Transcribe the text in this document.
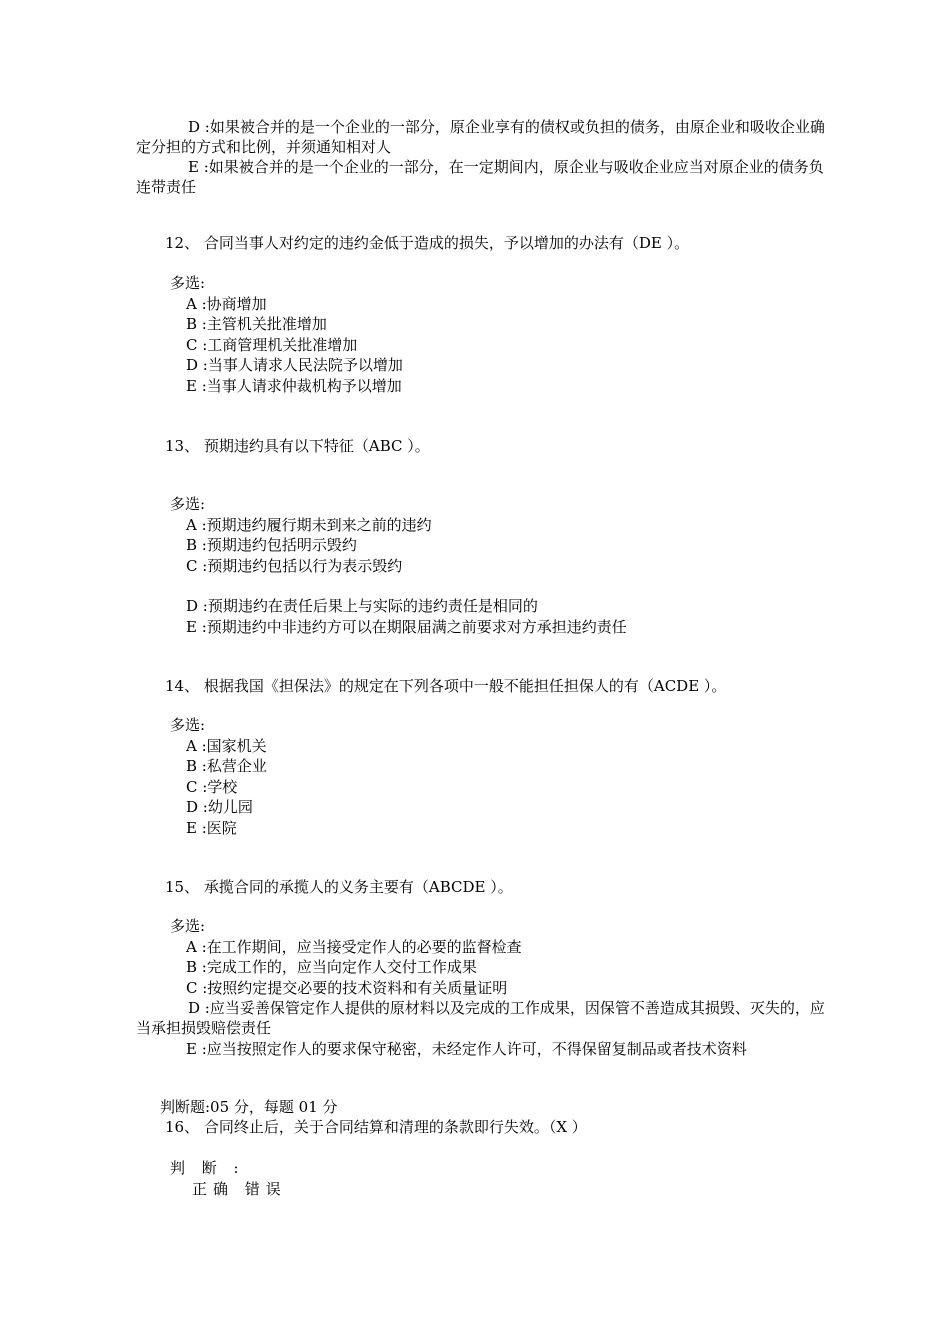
D :如果被合并的是一个企业的一部分，原企业享有的债权或负担的债务，由原企业和吸收企业确定分担的方式和比例，并须通知相对人
E :如果被合并的是一个企业的一部分，在一定期间内，原企业与吸收企业应当对原企业的债务负连带责任
12、 合同当事人对约定的违约金低于造成的损失，予以增加的办法有（DE ）。
多选:
A :协商增加
B :主管机关批准增加
C :工商管理机关批准增加
D :当事人请求人民法院予以增加
E :当事人请求仲裁机构予以增加
13、 预期违约具有以下特征（ABC ）。
多选:
A :预期违约履行期未到来之前的违约
B :预期违约包括明示毁约
C :预期违约包括以行为表示毁约
D :预期违约在责任后果上与实际的违约责任是相同的
E :预期违约中非违约方可以在期限届满之前要求对方承担违约责任
14、 根据我国《担保法》的规定在下列各项中一般不能担任担保人的有（ACDE ）。
多选:
A :国家机关
B :私营企业
C :学校
D :幼儿园
E :医院
15、 承揽合同的承揽人的义务主要有（ABCDE ）。
多选:
A :在工作期间，应当接受定作人的必要的监督检查
B :完成工作的，应当向定作人交付工作成果
C :按照约定提交必要的技术资料和有关质量证明
D :应当妥善保管定作人提供的原材料以及完成的工作成果，因保管不善造成其损毁、灭失的，应当承担损毁赔偿责任
E :应当按照定作人的要求保守秘密，未经定作人许可，不得保留复制品或者技术资料
判断题:05 分，每题 01 分
16、 合同终止后，关于合同结算和清理的条款即行失效。（X ）
判 断 :
正确 错误
